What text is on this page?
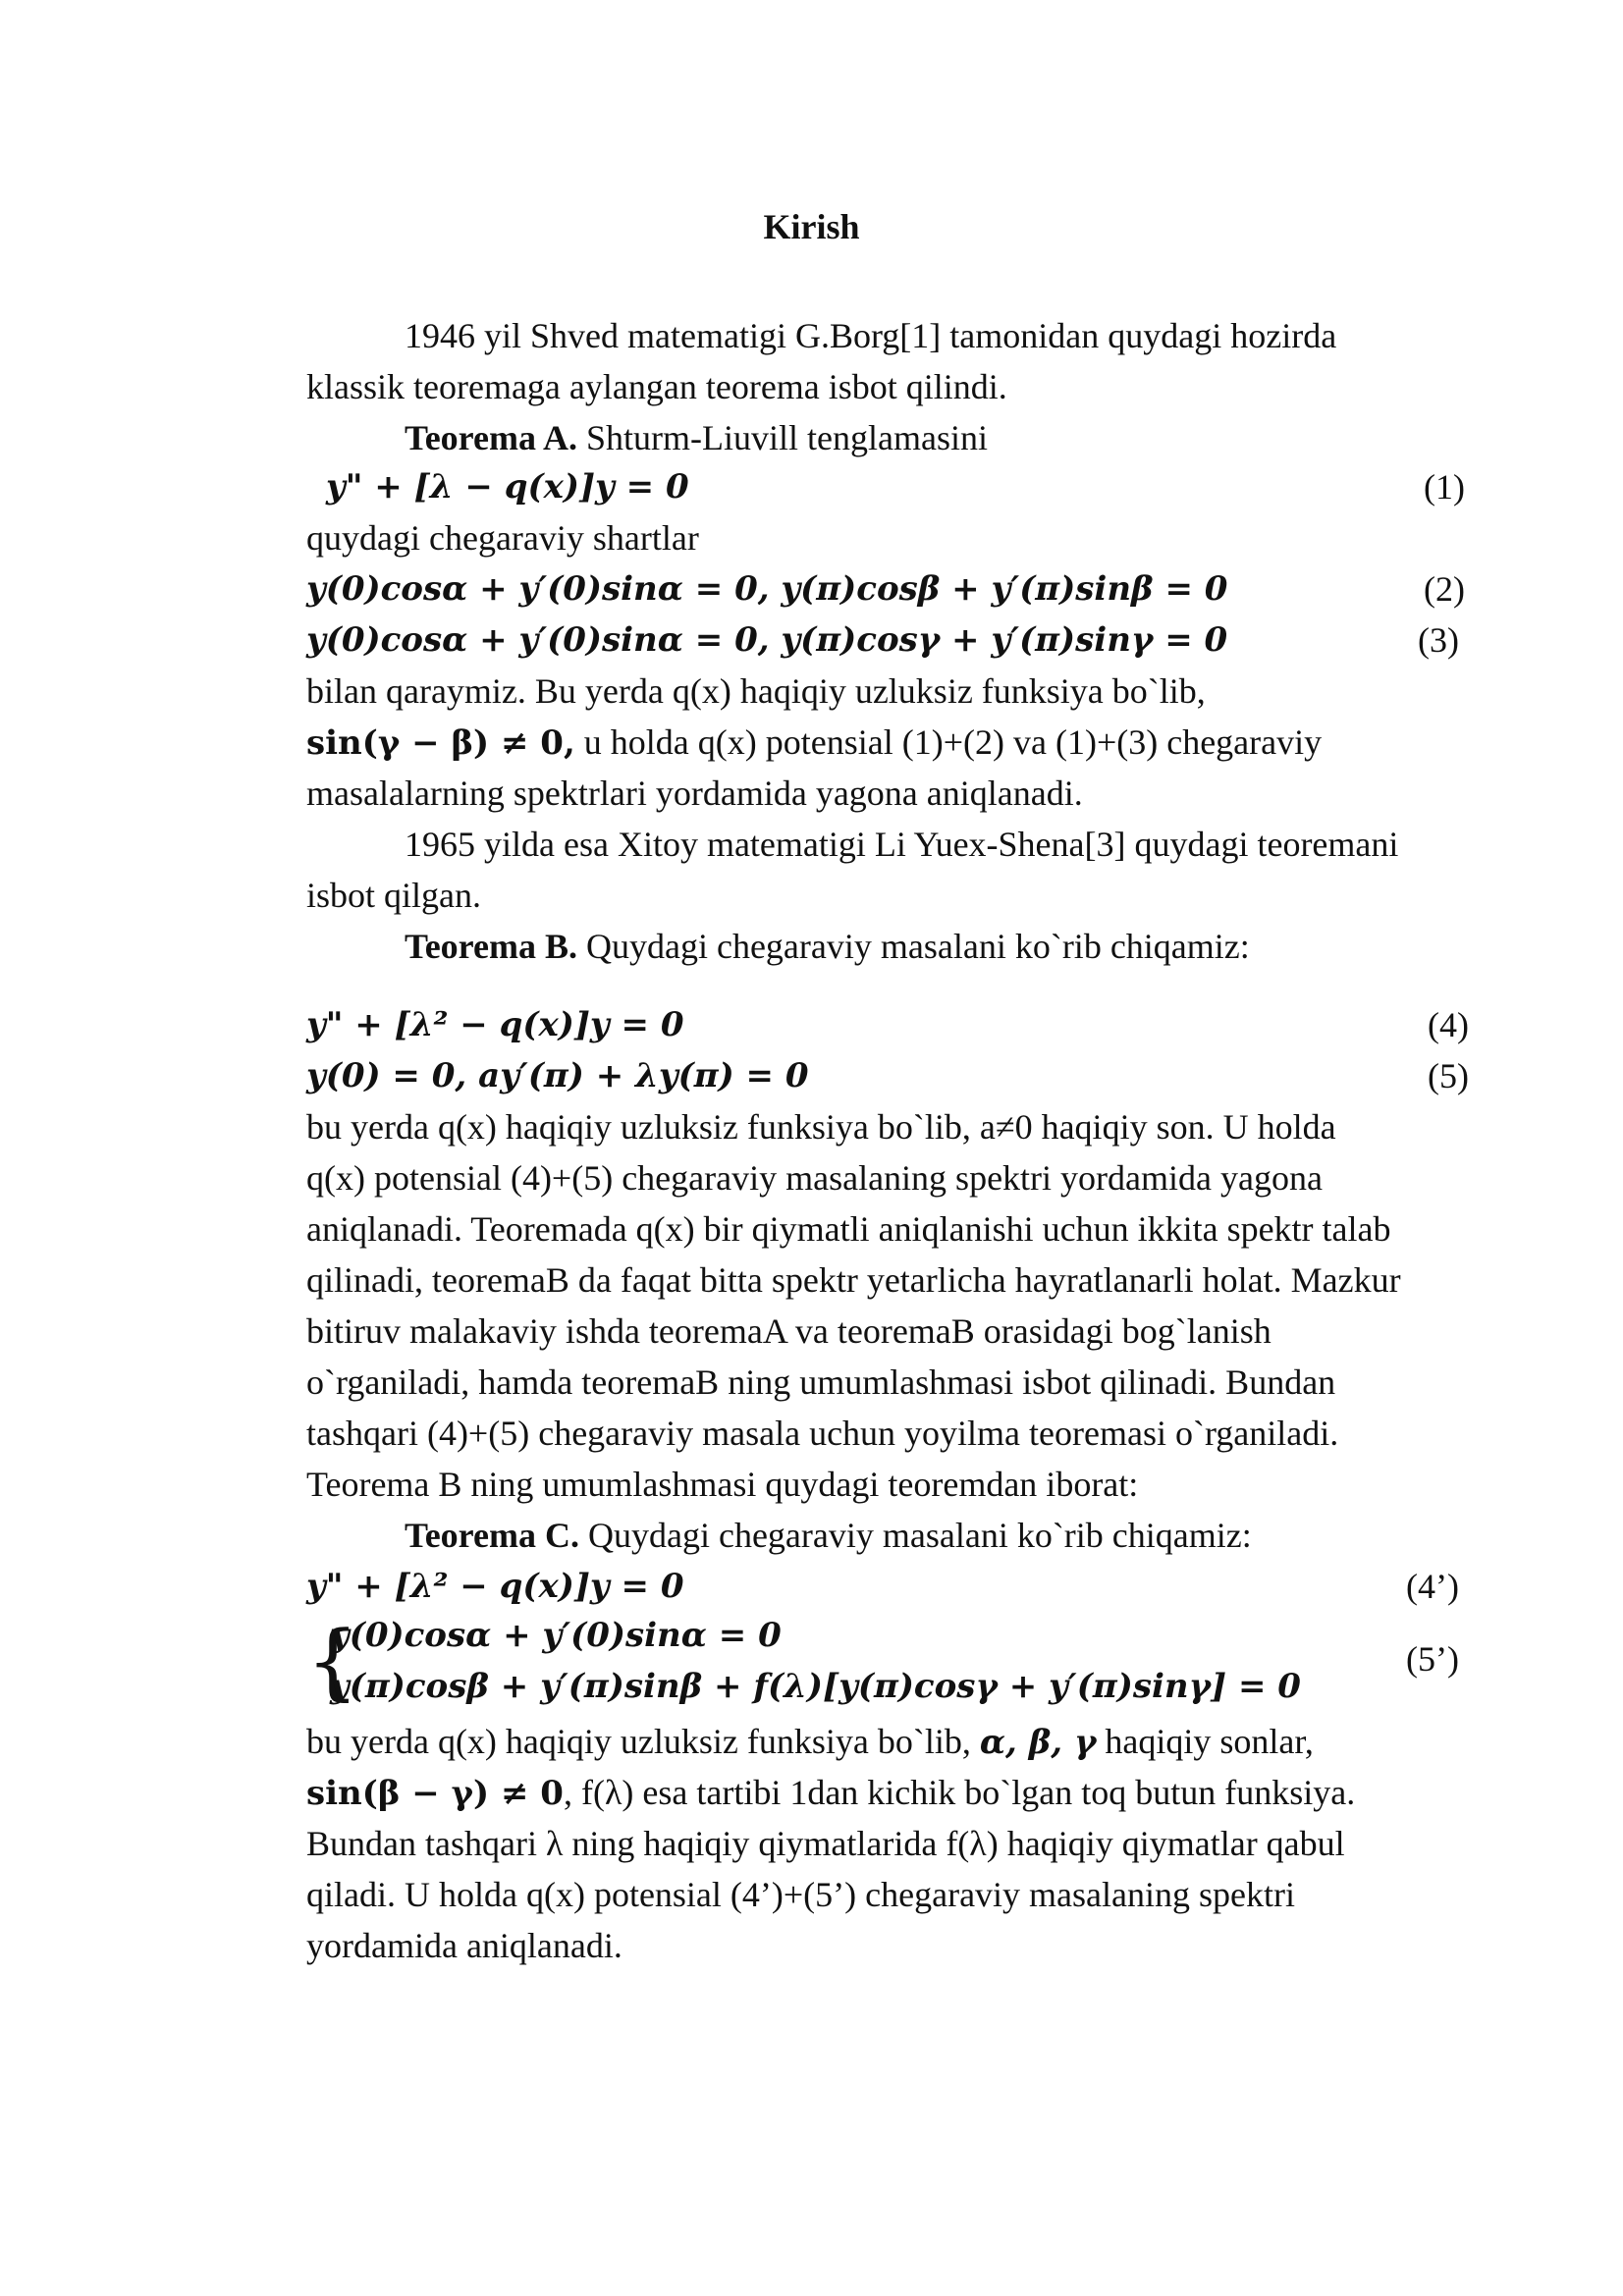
Kirish
1946 yil Shved matematigi G.Borg[1] tamonidan quydagi hozirda
klassik teoremaga aylangan teorema isbot qilindi.
Teorema A. Shturm-Liuvill tenglamasini
y" + [λ − q(x)]y = 0	(1)
quydagi chegaraviy shartlar
y(0)cosα + y′(0)sinα = 0, y(π)cosβ + y′(π)sinβ = 0	(2)
y(0)cosα + y′(0)sinα = 0, y(π)cosγ + y′(π)sinγ = 0	(3)
bilan qaraymiz. Bu yerda q(x) haqiqiy uzluksiz funksiya bo`lib,
sin(γ − β) ≠ 0, u holda q(x) potensial (1)+(2) va (1)+(3) chegaraviy
masalalarning spektrlari yordamida yagona aniqlanadi.
1965 yilda esa Xitoy matematigi Li Yuex-Shena[3] quydagi teoremani
isbot qilgan.
Teorema B. Quydagi chegaraviy masalani ko`rib chiqamiz:
y" + [λ² − q(x)]y = 0	(4)
y(0) = 0, ay′(π) + λy(π) = 0	(5)
bu yerda q(x) haqiqiy uzluksiz funksiya bo`lib, a≠0 haqiqiy son. U holda
q(x) potensial (4)+(5) chegaraviy masalaning spektri yordamida yagona
aniqlanadi. Teoremada q(x) bir qiymatli aniqlanishi uchun ikkita spektr talab
qilinadi, teoremaB da faqat bitta spektr yetarlicha hayratlanarli holat. Mazkur
bitiruv malakaviy ishda teoremaA va teoremaB orasidagi bog`lanish
o`rganiladi, hamda teoremaB ning umumlashmasi isbot qilinadi. Bundan
tashqari (4)+(5) chegaraviy masala uchun yoyilma teoremasi o`rganiladi.
Teorema B ning umumlashmasi quydagi teoremdan iborat:
Teorema C. Quydagi chegaraviy masalani ko`rib chiqamiz:
y" + [λ² − q(x)]y = 0	(4’)
{
y(0)cosα + y′(0)sinα = 0
y(π)cosβ + y′(π)sinβ + f(λ)[y(π)cosγ + y′(π)sinγ] = 0
(5’)
bu yerda q(x) haqiqiy uzluksiz funksiya bo`lib, α, β, γ haqiqiy sonlar,
sin(β − γ) ≠ 0, f(λ) esa tartibi 1dan kichik bo`lgan toq butun funksiya.
Bundan tashqari λ ning haqiqiy qiymatlarida f(λ) haqiqiy qiymatlar qabul
qiladi. U holda q(x) potensial (4’)+(5’) chegaraviy masalaning spektri
yordamida aniqlanadi.
